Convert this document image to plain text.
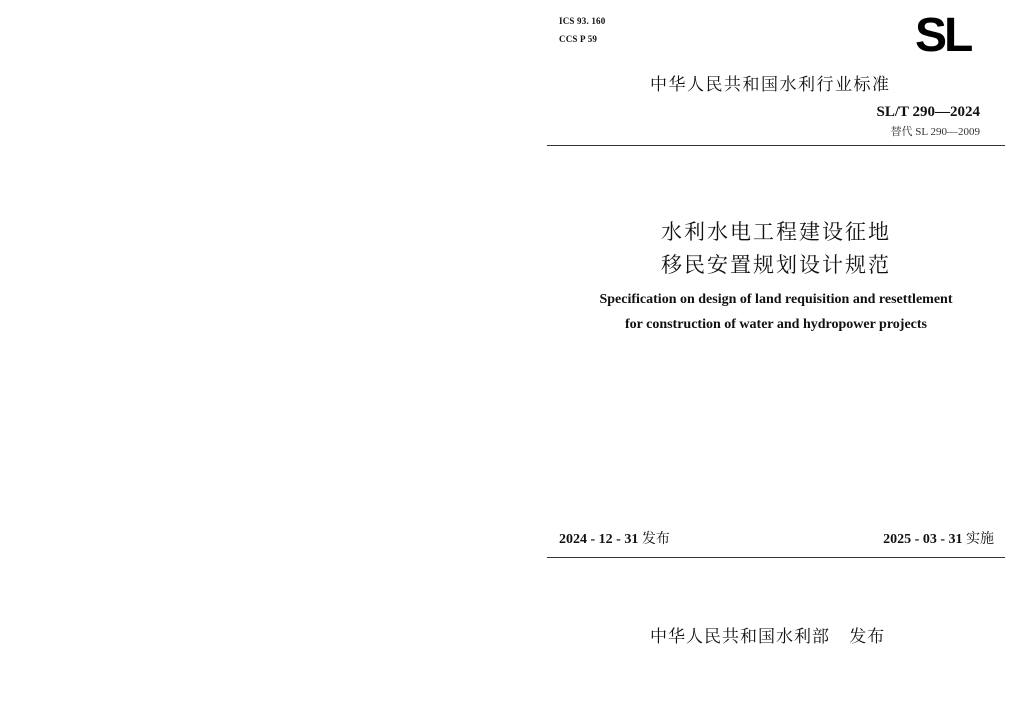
ICS 93. 160
CCS P 59	SL
中华人民共和国水利行业标准
SL/T 290—2024
替代 SL 290—2009
水利水电工程建设征地
移民安置规划设计规范
Specification on design of land requisition and resettlement
for construction of water and hydropower projects
2024 - 12 - 31 发布	2025 - 03 - 31 实施
中华人民共和国水利部 发布
